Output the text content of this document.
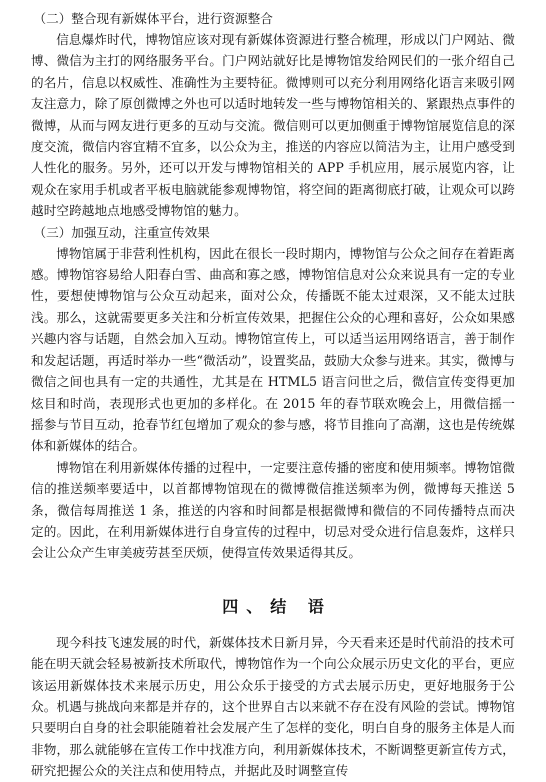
（二）整合现有新媒体平台，进行资源整合

信息爆炸时代，博物馆应该对现有新媒体资源进行整合梳理，形成以门户网站、微博、微信为主打的网络服务平台。门户网站就好比是博物馆发给网民们的一张介绍自己的名片，信息以权威性、准确性为主要特征。微博则可以充分利用网络化语言来吸引网友注意力，除了原创微博之外也可以适时地转发一些与博物馆相关的、紧跟热点事件的微博，从而与网友进行更多的互动与交流。微信则可以更加侧重于博物馆展览信息的深度交流，微信内容宜精不宜多，以公众为主，推送的内容应以简洁为主，让用户感受到人性化的服务。另外，还可以开发与博物馆相关的 APP 手机应用，展示展览内容，让观众在家用手机或者平板电脑就能参观博物馆，将空间的距离彻底打破，让观众可以跨越时空跨越地点地感受博物馆的魅力。

（三）加强互动，注重宣传效果

博物馆属于非营利性机构，因此在很长一段时期内，博物馆与公众之间存在着距离感。博物馆容易给人阳春白雪、曲高和寡之感，博物馆信息对公众来说具有一定的专业性，要想使博物馆与公众互动起来，面对公众，传播既不能太过艰深，又不能太过肤浅。那么，这就需要更多关注和分析宣传效果，把握住公众的心理和喜好，公众如果感兴趣内容与话题，自然会加入互动。博物馆宣传上，可以适当运用网络语言，善于制作和发起话题，再适时举办一些“微活动”，设置奖品，鼓励大众参与进来。其实，微博与微信之间也具有一定的共通性，尤其是在 HTML5 语言问世之后，微信宣传变得更加炫目和时尚，表现形式也更加的多样化。在 2015 年的春节联欢晚会上，用微信摇一摇参与节目互动，抢春节红包增加了观众的参与感，将节目推向了高潮，这也是传统媒体和新媒体的结合。

博物馆在利用新媒体传播的过程中，一定要注意传播的密度和使用频率。博物馆微信的推送频率要适中，以首都博物馆现在的微博微信推送频率为例，微博每天推送 5 条，微信每周推送 1 条，推送的内容和时间都是根据微博和微信的不同传播特点而决定的。因此，在利用新媒体进行自身宣传的过程中，切忌对受众进行信息轰炸，这样只会让公众产生审美疲劳甚至厌烦，使得宣传效果适得其反。

四、结 语

现今科技飞速发展的时代，新媒体技术日新月异，今天看来还是时代前沿的技术可能在明天就会轻易被新技术所取代，博物馆作为一个向公众展示历史文化的平台，更应该运用新媒体技术来展示历史，用公众乐于接受的方式去展示历史，更好地服务于公众。机遇与挑战向来都是并存的，这个世界自古以来就不存在没有风险的尝试。博物馆只要明白自身的社会职能随着社会发展产生了怎样的变化，明白自身的服务主体是人而非物，那么就能够在宣传工作中找准方向，利用新媒体技术，不断调整更新宣传方式，研究把握公众的关注点和使用特点，并据此及时调整宣传
